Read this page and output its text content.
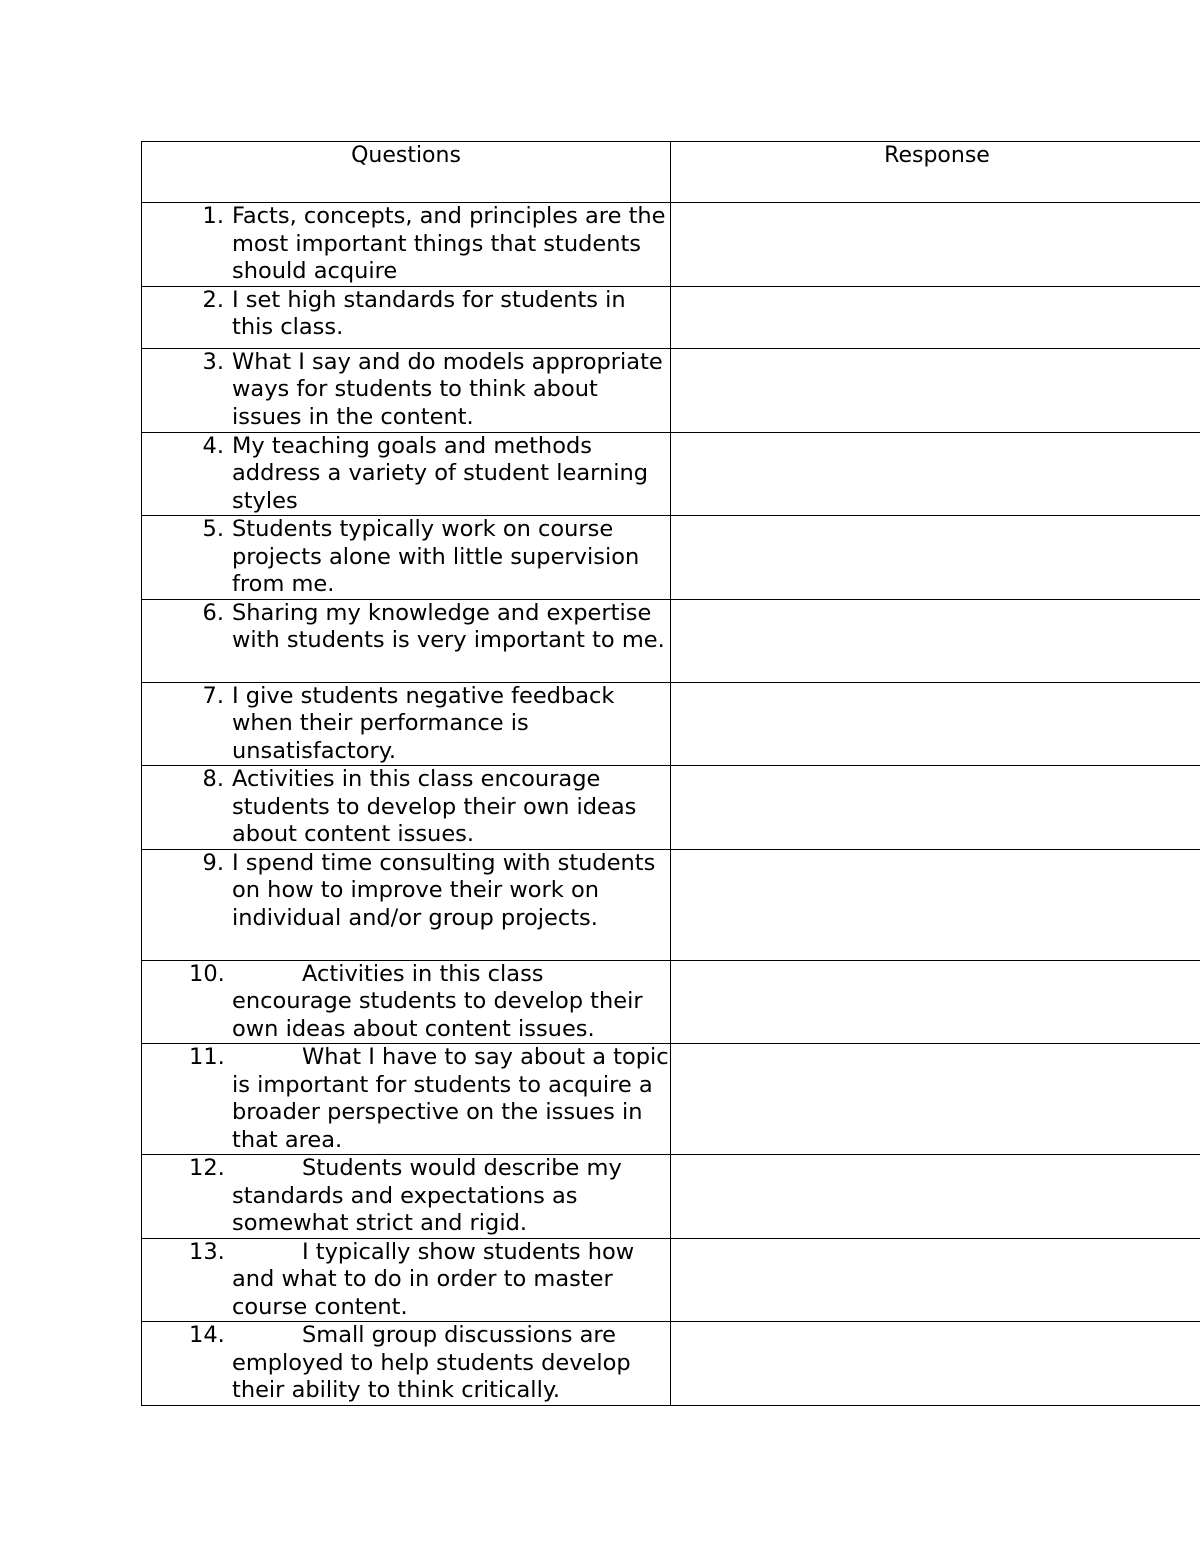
Questions	Response

1. Facts, concepts, and principles are the most important things that students should acquire	

2. I set high standards for students in this class.	

3. What I say and do models appropriate ways for students to think about issues in the content.	

4. My teaching goals and methods address a variety of student learning styles	

5. Students typically work on course projects alone with little supervision from me.	

6. Sharing my knowledge and expertise with students is very important to me.	

7. I give students negative feedback when their performance is unsatisfactory.	

8. Activities in this class encourage students to develop their own ideas about content issues.	

9. I spend time consulting with students on how to improve their work on individual and/or group projects.	

10. Activities in this class encourage students to develop their own ideas about content issues.	

11. What I have to say about a topic is important for students to acquire a broader perspective on the issues in that area.	

12. Students would describe my standards and expectations as somewhat strict and rigid.	

13. I typically show students how and what to do in order to master course content.	

14. Small group discussions are employed to help students develop their ability to think critically.	
